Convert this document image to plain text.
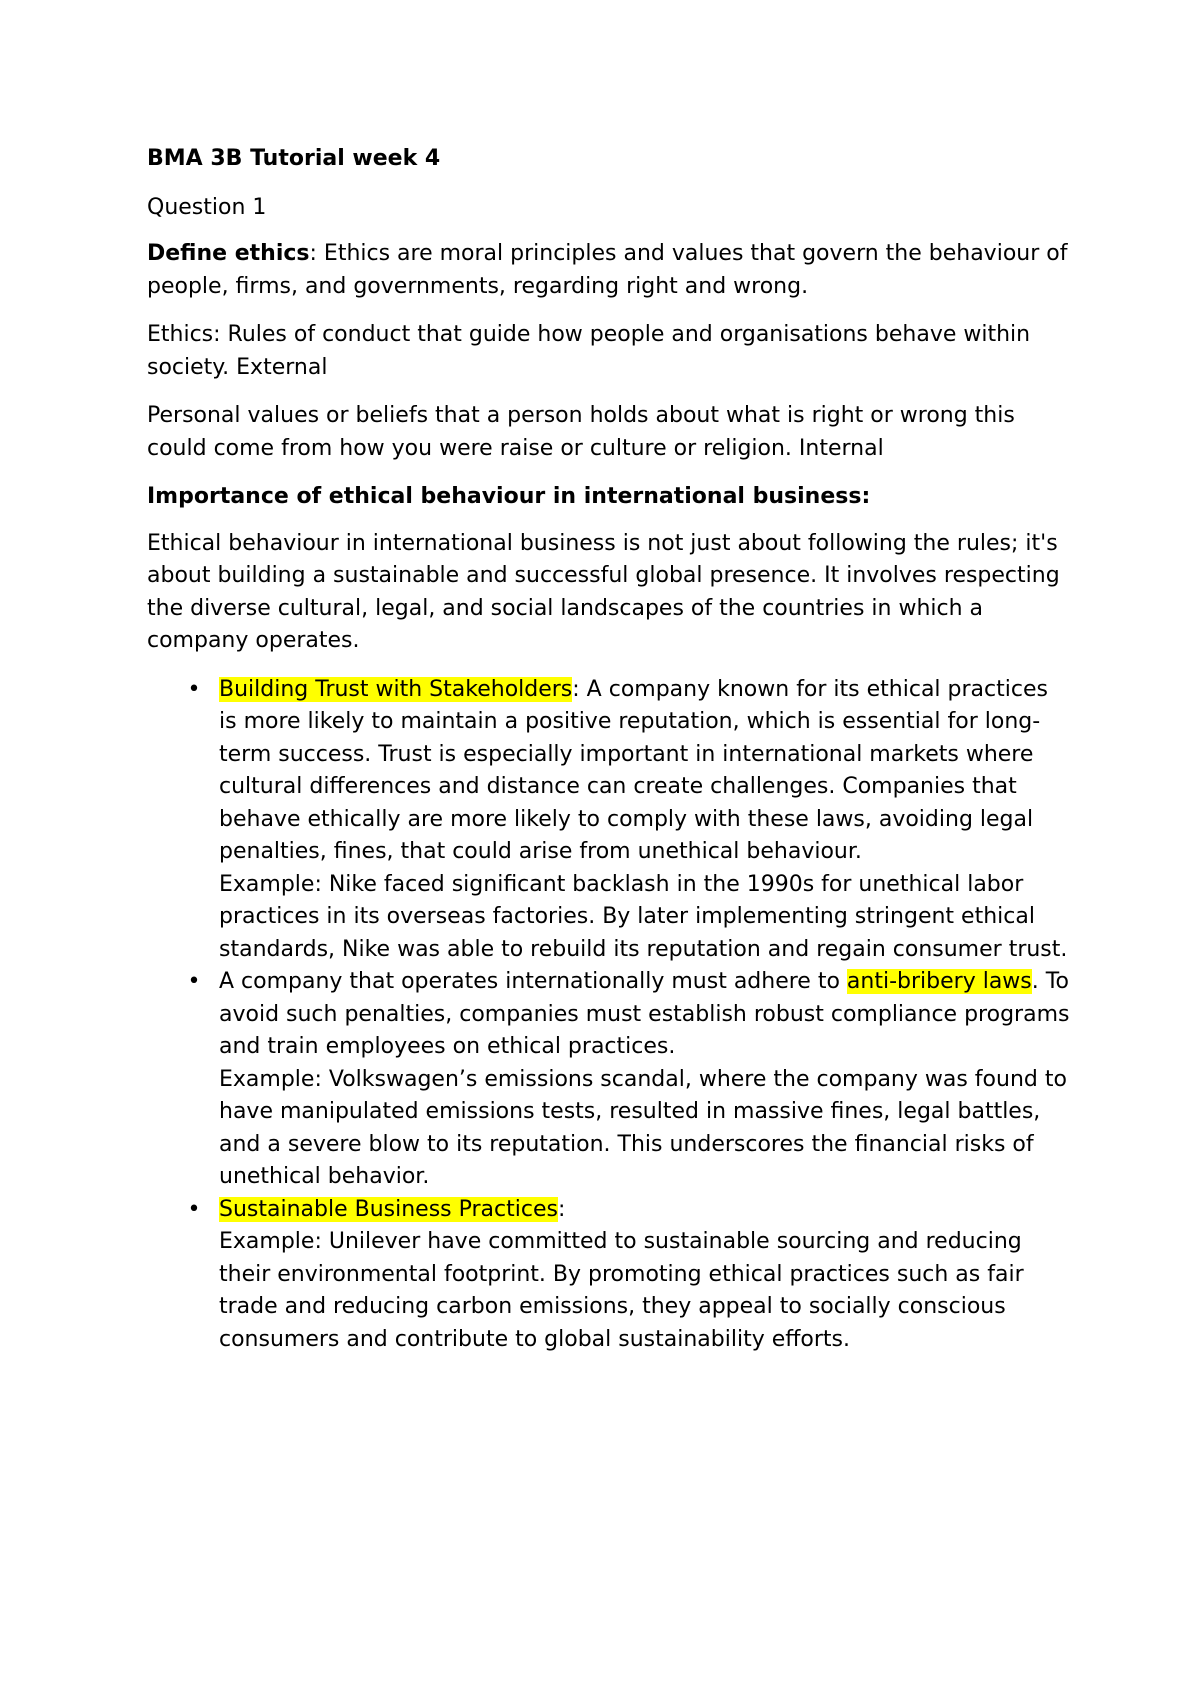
BMA 3B Tutorial week 4

Question 1

Define ethics: Ethics are moral principles and values that govern the behaviour of people, firms, and governments, regarding right and wrong.

Ethics: Rules of conduct that guide how people and organisations behave within society. External

Personal values or beliefs that a person holds about what is right or wrong this could come from how you were raise or culture or religion. Internal

Importance of ethical behaviour in international business:

Ethical behaviour in international business is not just about following the rules; it's about building a sustainable and successful global presence. It involves respecting the diverse cultural, legal, and social landscapes of the countries in which a company operates.

• Building Trust with Stakeholders: A company known for its ethical practices is more likely to maintain a positive reputation, which is essential for long-term success. Trust is especially important in international markets where cultural differences and distance can create challenges. Companies that behave ethically are more likely to comply with these laws, avoiding legal penalties, fines, that could arise from unethical behaviour.
Example: Nike faced significant backlash in the 1990s for unethical labor practices in its overseas factories. By later implementing stringent ethical standards, Nike was able to rebuild its reputation and regain consumer trust.
• A company that operates internationally must adhere to anti-bribery laws. To avoid such penalties, companies must establish robust compliance programs and train employees on ethical practices.
Example: Volkswagen’s emissions scandal, where the company was found to have manipulated emissions tests, resulted in massive fines, legal battles, and a severe blow to its reputation. This underscores the financial risks of unethical behavior.
• Sustainable Business Practices:
Example: Unilever have committed to sustainable sourcing and reducing their environmental footprint. By promoting ethical practices such as fair trade and reducing carbon emissions, they appeal to socially conscious consumers and contribute to global sustainability efforts.
